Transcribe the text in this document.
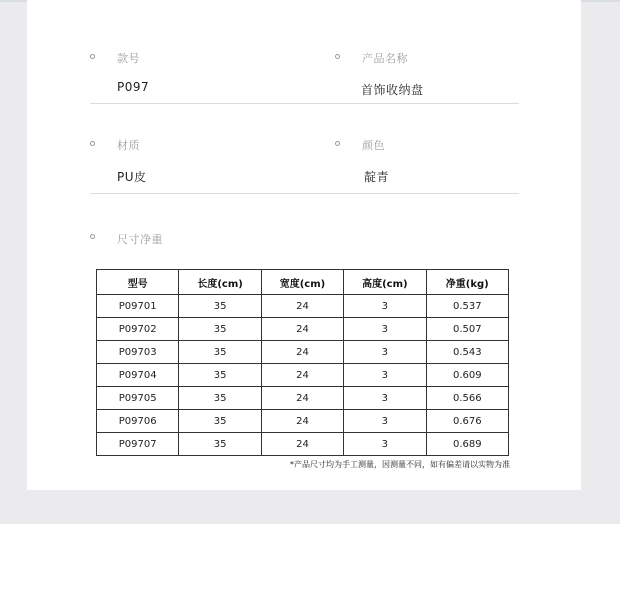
款号
P097
产品名称
首饰收纳盘
材质
PU皮
颜色
靛青
尺寸净重
型号	长度(cm)	宽度(cm)	高度(cm)	净重(kg)
P09701	35	24	3	0.537
P09702	35	24	3	0.507
P09703	35	24	3	0.543
P09704	35	24	3	0.609
P09705	35	24	3	0.566
P09706	35	24	3	0.676
P09707	35	24	3	0.689
*产品尺寸均为手工测量，因测量不同，如有偏差请以实物为准
